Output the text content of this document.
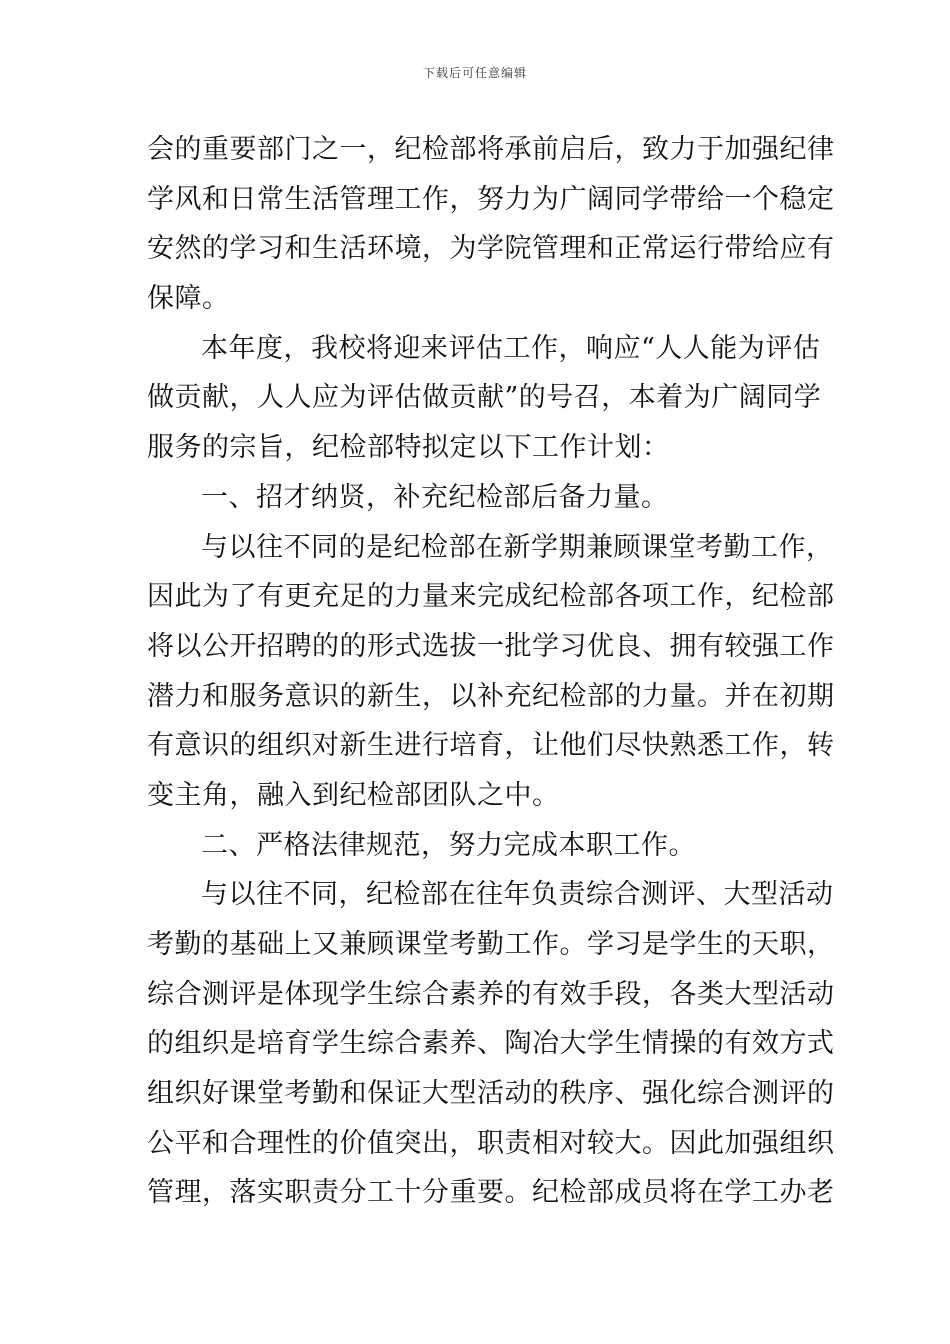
下载后可任意编辑
会的重要部门之一，纪检部将承前启后，致力于加强纪律
学风和日常生活管理工作，努力为广阔同学带给一个稳定
安然的学习和生活环境，为学院管理和正常运行带给应有
保障。
本年度，我校将迎来评估工作，响应“人人能为评估
做贡献，人人应为评估做贡献”的号召，本着为广阔同学
服务的宗旨，纪检部特拟定以下工作计划：
一、招才纳贤，补充纪检部后备力量。
与以往不同的是纪检部在新学期兼顾课堂考勤工作，
因此为了有更充足的力量来完成纪检部各项工作，纪检部
将以公开招聘的的形式选拔一批学习优良、拥有较强工作
潜力和服务意识的新生，以补充纪检部的力量。并在初期
有意识的组织对新生进行培育，让他们尽快熟悉工作，转
变主角，融入到纪检部团队之中。
二、严格法律规范，努力完成本职工作。
与以往不同，纪检部在往年负责综合测评、大型活动
考勤的基础上又兼顾课堂考勤工作。学习是学生的天职，
综合测评是体现学生综合素养的有效手段，各类大型活动
的组织是培育学生综合素养、陶冶大学生情操的有效方式
组织好课堂考勤和保证大型活动的秩序、强化综合测评的
公平和合理性的价值突出，职责相对较大。因此加强组织
管理，落实职责分工十分重要。纪检部成员将在学工办老
